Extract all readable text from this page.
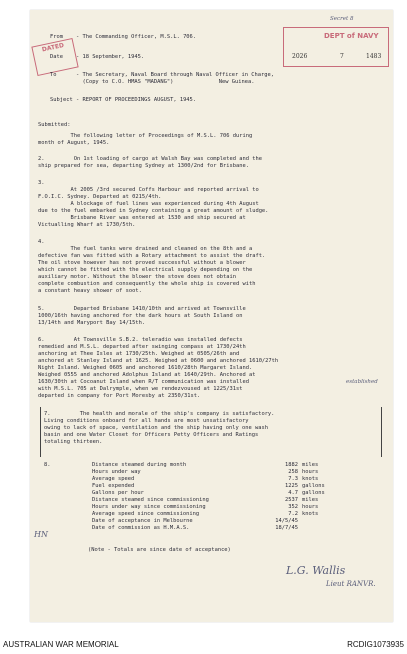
DATED
DEPT of NAVY
2026	7	1483
Secret 8
From    - The Commanding Officer, M.S.L. 706.
Date    - 18 September, 1945.
To      - The Secretary, Naval Board through Naval Officer in Charge,
(Copy to C.O. HMAS "MADANG")              New Guinea.
Subject - REPORT OF PROCEEDINGS AUGUST, 1945.
Submitted:
The following letter of Proceedings of M.S.L. 706 during
month of August, 1945.
2.         On 1st loading of cargo at Walsh Bay was completed and the
ship prepared for sea, departing Sydney at 1300/2nd for Brisbane.
3.
At 2005 /3rd secured Coffs Harbour and reported arrival to
F.O.I.C. Sydney. Departed at 0215/4th.
A blockage of fuel lines was experienced during 4th August
due to the fuel embarked in Sydney containing a great amount of sludge.
Brisbane River was entered at 1530 and ship secured at
Victualling Wharf at 1730/5th.
4.
The fuel tanks were drained and cleaned on the 8th and a
defective fan was fitted with a Rotary attachment to assist the draft.
The oil stove however has not proved successful without a blower
which cannot be fitted with the electrical supply depending on the
auxiliary motor. Without the blower the stove does not obtain
complete combustion and consequently the whole ship is covered with
a constant heavy shower of soot.
5.         Departed Brisbane 1410/10th and arrived at Townsville
1000/16th having anchored for the dark hours at South Island on
13/14th and Maryport Bay 14/15th.
6.         At Townsville S.B.2. teleradio was installed defects
remedied and M.S.L. departed after swinging compass at 1730/24th
anchoring at Thee Isles at 1730/25th. Weighed at 0505/26th and
anchored at Stanley Island at 1625. Weighed at 0600 and anchored 1610/27th
Night Island. Weighed 0605 and anchored 1610/28th Margaret Island.
Weighed 0555 and anchored Adolphus Island at 1640/29th. Anchored at
1630/30th at Cocoanut Island when R/T communication was installed
with M.S.L. 705 at Dalrymple, when we rendezvoused at 1225/31st
departed in company for Port Moresby at 2350/31st.
established
7.         The health and morale of the ship's company is satisfactory.
Living conditions onboard for all hands are most unsatisfactory
owing to lack of space, ventilation and the ship having only one wash
basin and one Water Closet for Officers Petty Officers and Ratings
totaling thirteen.
8.	Distance steamed during month	1882 miles
Hours under way	258 hours
Average speed	7.3 knots
Fuel expended	1225 gallons
Gallons per hour	4.7 gallons
Distance steamed since commissioning	2537 miles
Hours under way since commissioning	352 hours
Average speed since commissioning	7.2 knots
Date of acceptance in Melbourne	14/5/45
Date of commission as H.M.A.S.	18/7/45
(Note - Totals are since date of acceptance)
HN
L.G. Wallis
Lieut RANVR.
AUSTRALIAN WAR MEMORIAL	RCDIG1073935
